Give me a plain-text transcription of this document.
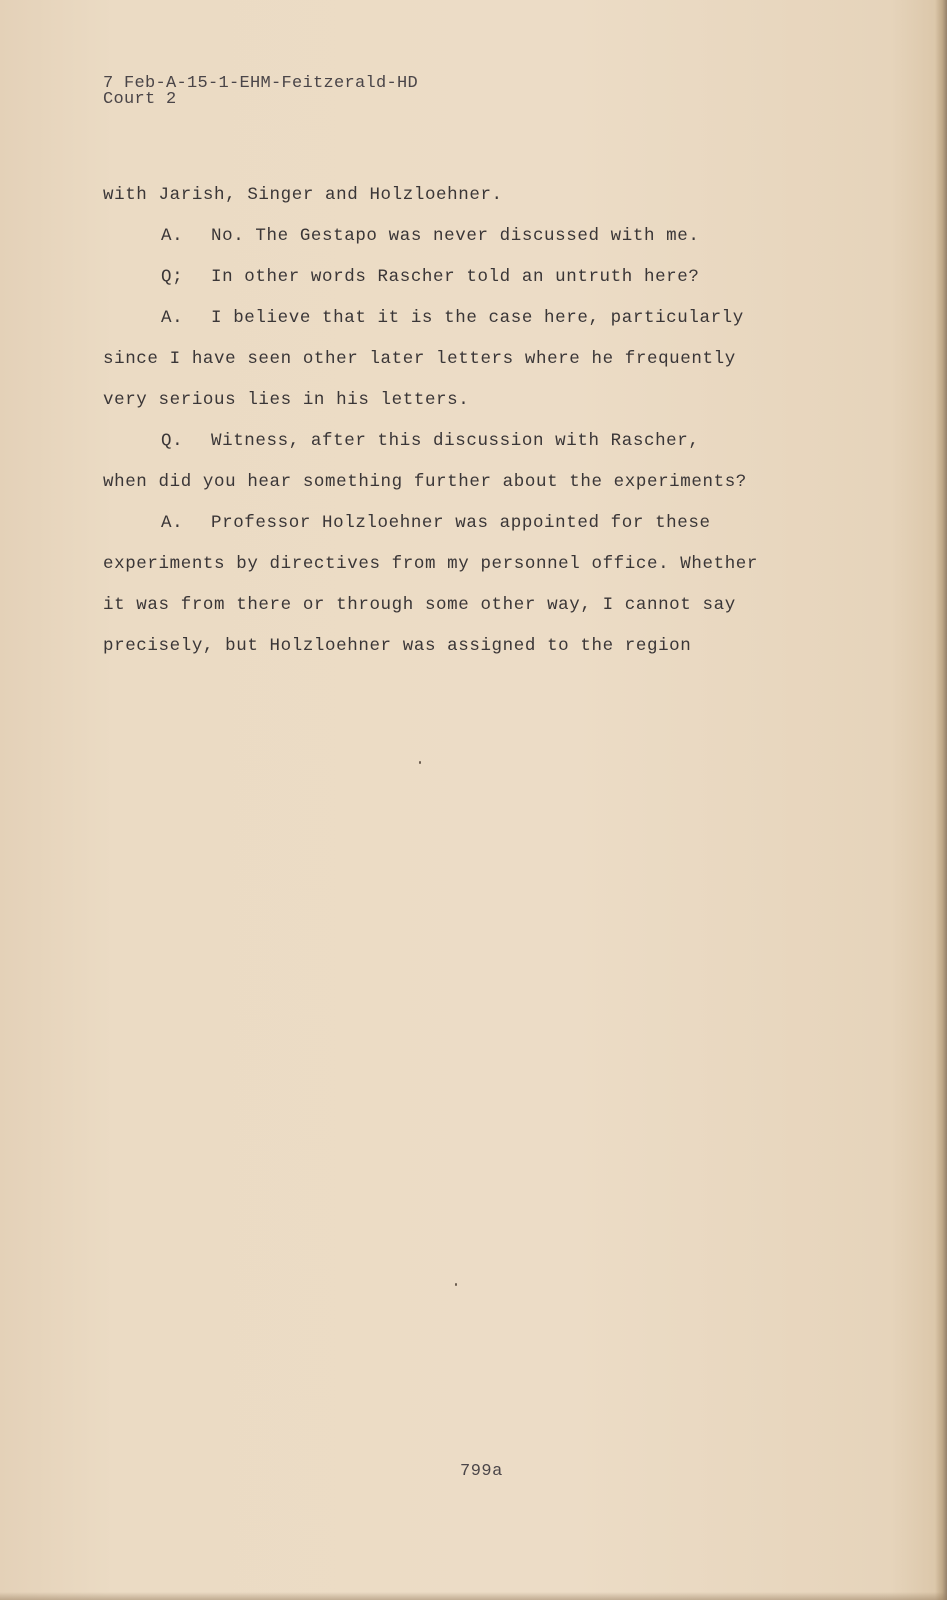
7 Feb-A-15-1-EHM-Feitzerald-HD
Court 2
with Jarish, Singer and Holzloehner.
A. No. The Gestapo was never discussed with me.
Q; In other words Rascher told an untruth here?
A. I believe that it is the case here, particularly
since I have seen other later letters where he frequently
very serious lies in his letters.
Q. Witness, after this discussion with Rascher,
when did you hear something further about the experiments?
A. Professor Holzloehner was appointed for these
experiments by directives from my personnel office. Whether
it was from there or through some other way, I cannot say
precisely, but Holzloehner was assigned to the region
799a
